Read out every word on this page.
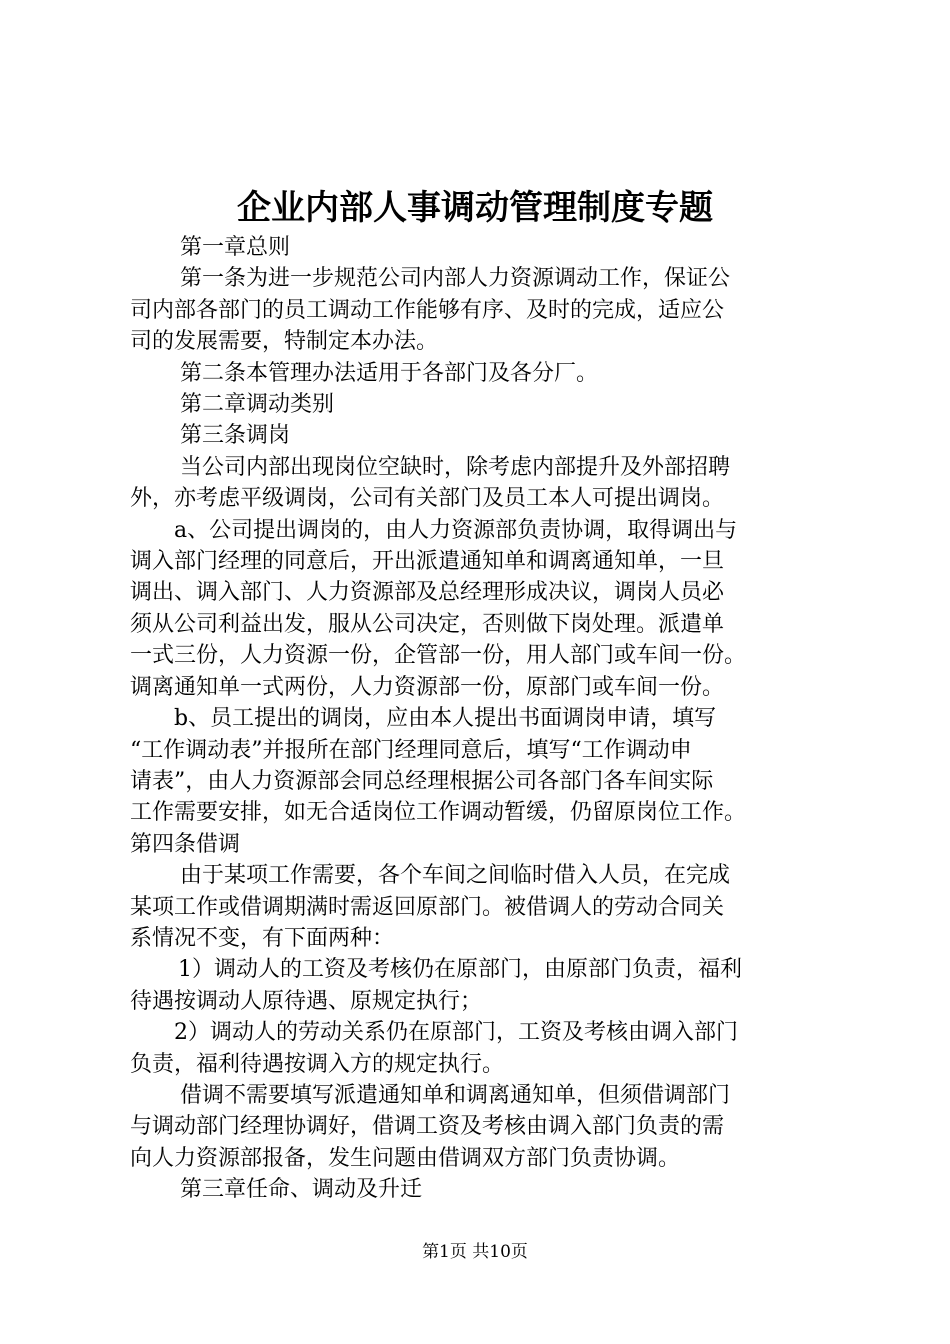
企业内部人事调动管理制度专题

第一章总则

第一条为进一步规范公司内部人力资源调动工作，保证公

司内部各部门的员工调动工作能够有序、及时的完成，适应公

司的发展需要，特制定本办法。

第二条本管理办法适用于各部门及各分厂。

第二章调动类别

第三条调岗

当公司内部出现岗位空缺时，除考虑内部提升及外部招聘

外，亦考虑平级调岗，公司有关部门及员工本人可提出调岗。

a、公司提出调岗的，由人力资源部负责协调，取得调出与

调入部门经理的同意后，开出派遣通知单和调离通知单，一旦

调出、调入部门、人力资源部及总经理形成决议，调岗人员必

须从公司利益出发，服从公司决定，否则做下岗处理。派遣单

一式三份，人力资源一份，企管部一份，用人部门或车间一份。

调离通知单一式两份，人力资源部一份，原部门或车间一份。

b、员工提出的调岗，应由本人提出书面调岗申请，填写

“工作调动表”并报所在部门经理同意后，填写“工作调动申

请表”，由人力资源部会同总经理根据公司各部门各车间实际

工作需要安排，如无合适岗位工作调动暂缓，仍留原岗位工作。

第四条借调

由于某项工作需要，各个车间之间临时借入人员，在完成

某项工作或借调期满时需返回原部门。被借调人的劳动合同关

系情况不变，有下面两种：

1）调动人的工资及考核仍在原部门，由原部门负责，福利

待遇按调动人原待遇、原规定执行；

2）调动人的劳动关系仍在原部门，工资及考核由调入部门

负责，福利待遇按调入方的规定执行。

借调不需要填写派遣通知单和调离通知单，但须借调部门

与调动部门经理协调好，借调工资及考核由调入部门负责的需

向人力资源部报备，发生问题由借调双方部门负责协调。

第三章任命、调动及升迁

第1页 共10页
